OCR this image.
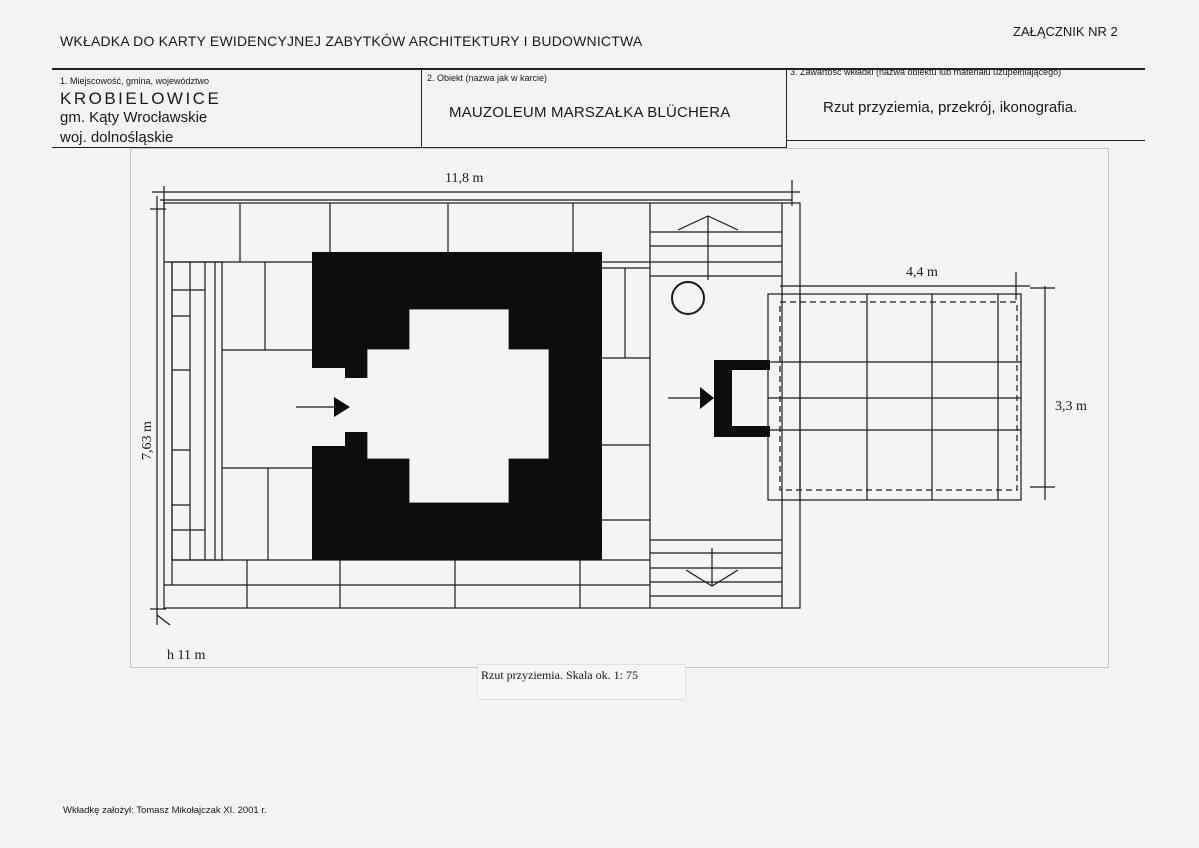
WKŁADKA DO KARTY EWIDENCYJNEJ ZABYTKÓW ARCHITEKTURY I BUDOWNICTWA
ZAŁĄCZNIK NR 2
1. Miejscowość, gmina, województwo
KROBIELOWICE
gm. Kąty Wrocławskie
woj. dolnośląskie
2. Obiekt (nazwa jak w karcie)
MAUZOLEUM MARSZAŁKA BLÜCHERA
3. Zawartość wkładki (nazwa obiektu lub materiału uzupełniającego)
Rzut przyziemia, przekrój, ikonografia.
11,8 m
4,4 m
3,3 m
7,63 m
h 11 m
Rzut przyziemia. Skala ok. 1: 75
Wkładkę założył: Tomasz Mikołajczak XI. 2001 r.
